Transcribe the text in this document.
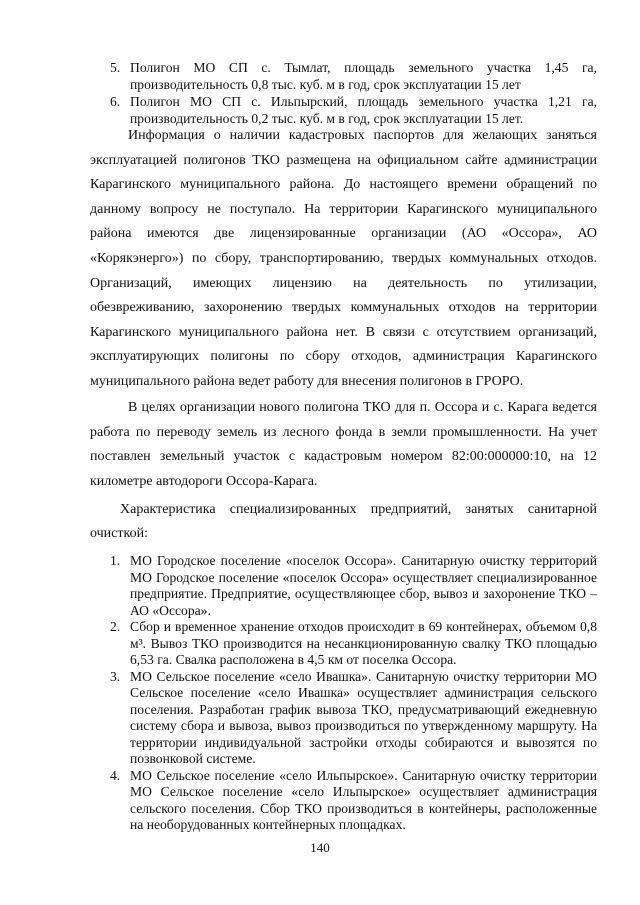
5. Полигон МО СП с. Тымлат, площадь земельного участка 1,45 га, производительность 0,8 тыс. куб. м в год, срок эксплуатации 15 лет
6. Полигон МО СП с. Ильпырский, площадь земельного участка 1,21 га, производительность 0,2 тыс. куб. м в год, срок эксплуатации 15 лет.

Информация о наличии кадастровых паспортов для желающих заняться эксплуатацией полигонов ТКО размещена на официальном сайте администрации Карагинского муниципального района. До настоящего времени обращений по данному вопросу не поступало. На территории Карагинского муниципального района имеются две лицензированные организации (АО «Оссора», АО «Корякэнерго») по сбору, транспортированию, твердых коммунальных отходов. Организаций, имеющих лицензию на деятельность по утилизации, обезвреживанию, захоронению твердых коммунальных отходов на территории Карагинского муниципального района нет. В связи с отсутствием организаций, эксплуатирующих полигоны по сбору отходов, администрация Карагинского муниципального района ведет работу для внесения полигонов в ГРОРО.

В целях организации нового полигона ТКО для п. Оссора и с. Карага ведется работа по переводу земель из лесного фонда в земли промышленности. На учет поставлен земельный участок с кадастровым номером 82:00:000000:10, на 12 километре автодороги Оссора-Карага.

Характеристика специализированных предприятий, занятых санитарной очисткой:

1. МО Городское поселение «поселок Оссора». Санитарную очистку территорий МО Городское поселение «поселок Оссора» осуществляет специализированное предприятие. Предприятие, осуществляющее сбор, вывоз и захоронение ТКО – АО «Оссора».
2. Сбор и временное хранение отходов происходит в 69 контейнерах, объемом 0,8 м³. Вывоз ТКО производится на несанкционированную свалку ТКО площадью 6,53 га. Свалка расположена в 4,5 км от поселка Оссора.
3. МО Сельское поселение «село Ивашка». Санитарную очистку территории МО Сельское поселение «село Ивашка» осуществляет администрация сельского поселения. Разработан график вывоза ТКО, предусматривающий ежедневную систему сбора и вывоза, вывоз производиться по утвержденному маршруту. На территории индивидуальной застройки отходы собираются и вывозятся по позвонковой системе.
4. МО Сельское поселение «село Ильпырское». Санитарную очистку территории МО Сельское поселение «село Ильпырское» осуществляет администрация сельского поселения. Сбор ТКО производиться в контейнеры, расположенные на необорудованных контейнерных площадках.
140
